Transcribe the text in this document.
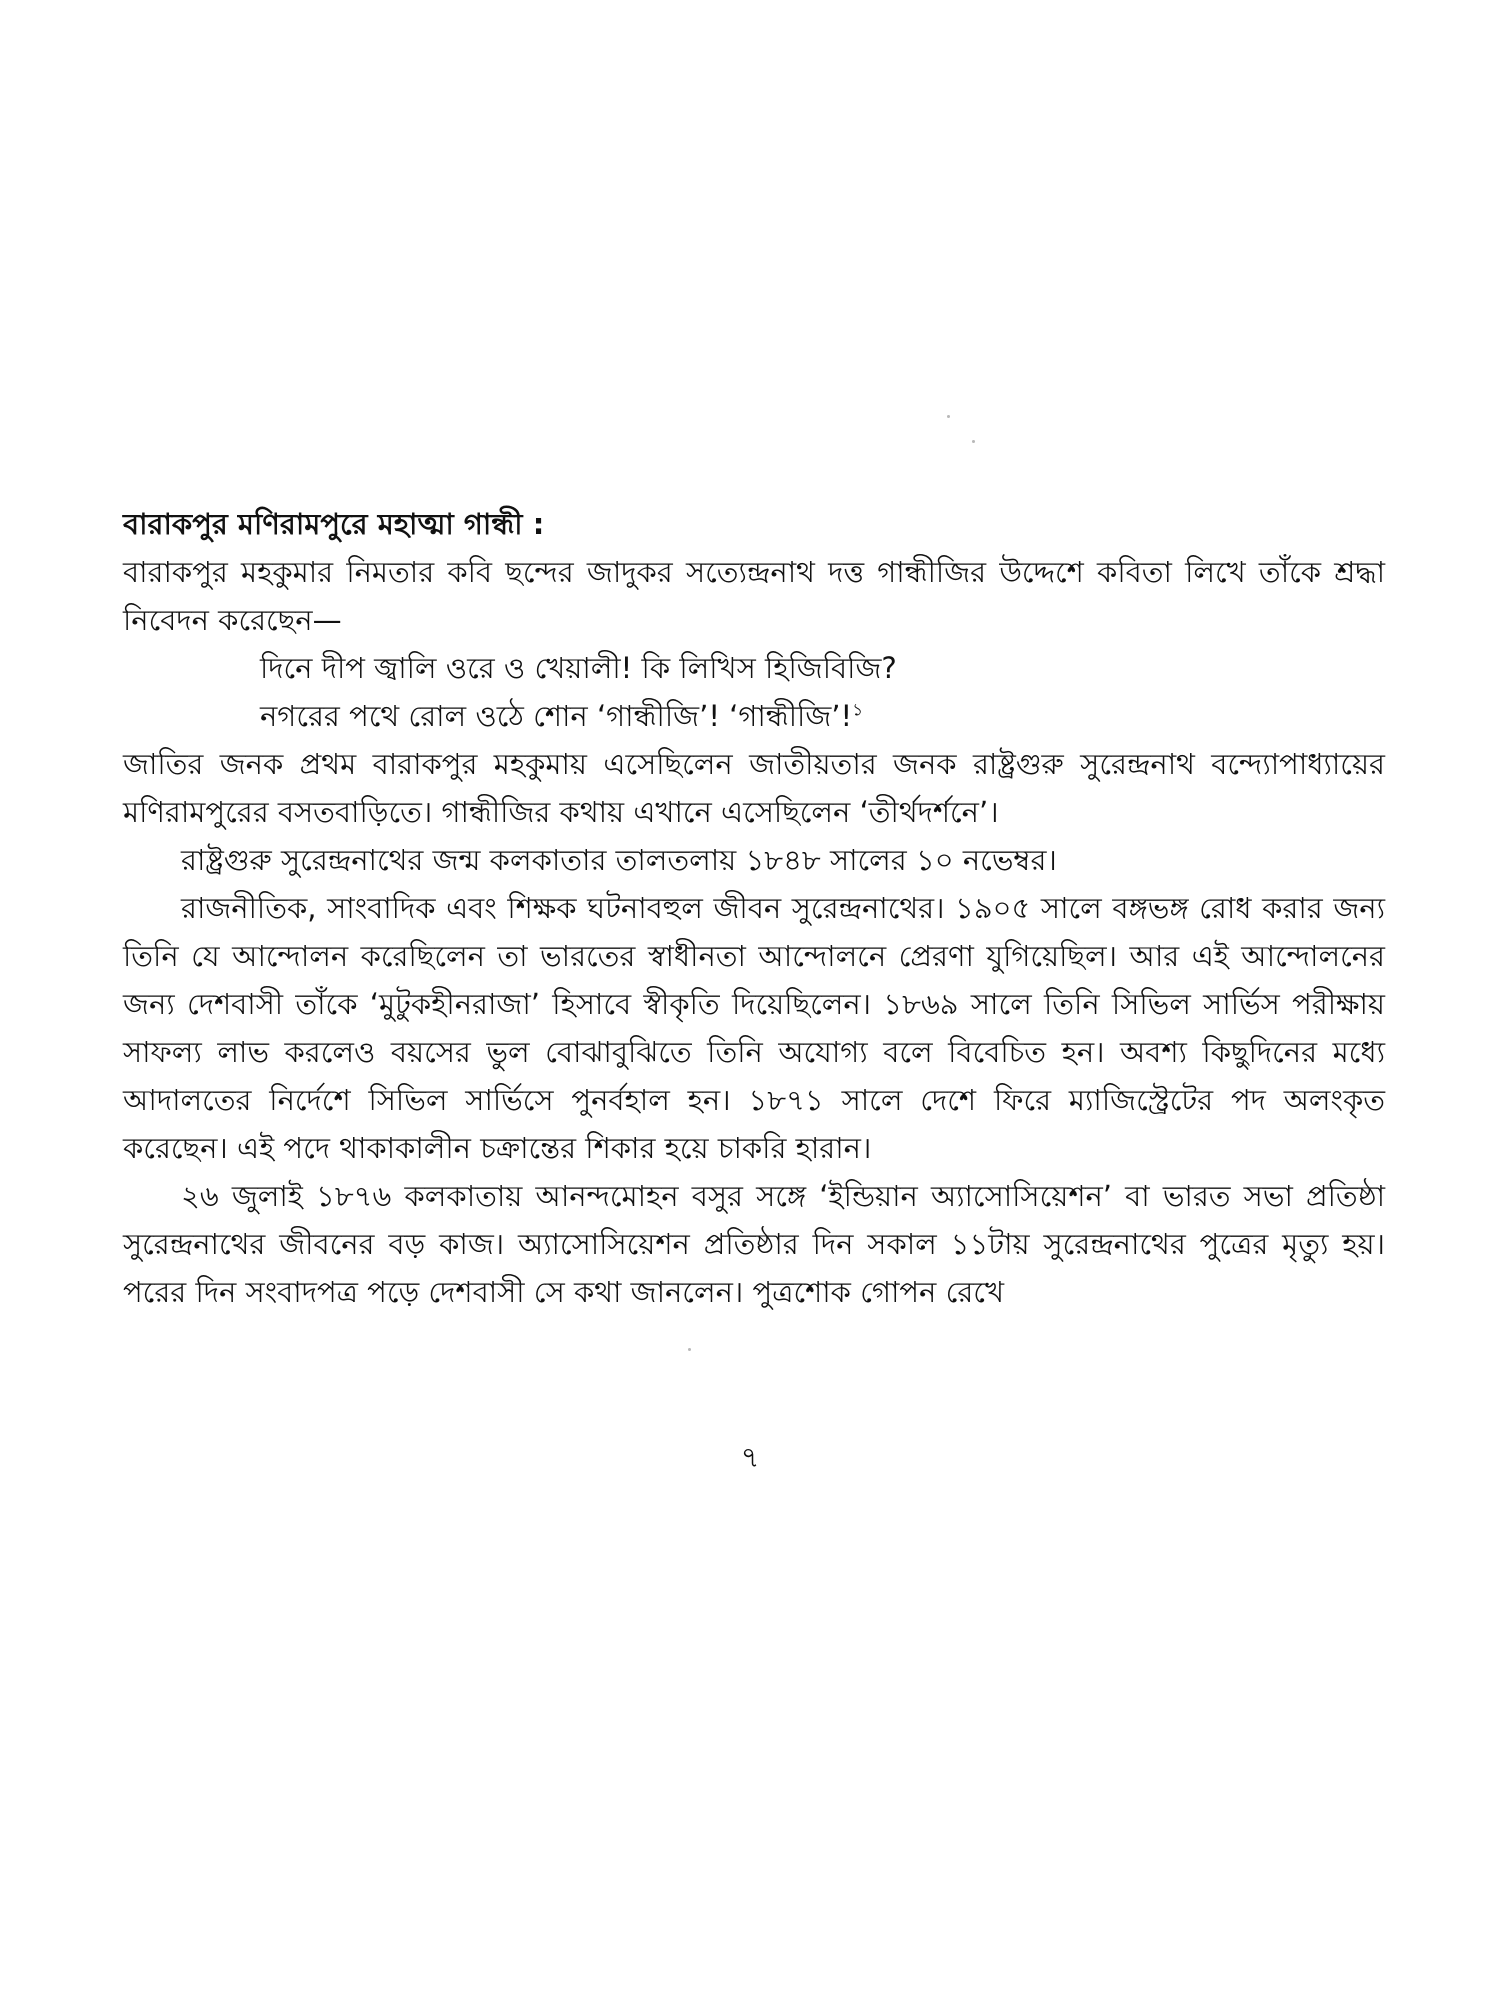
বারাকপুর মণিরামপুরে মহাত্মা গান্ধী :

বারাকপুর মহকুমার নিমতার কবি ছন্দের জাদুকর সত্যেন্দ্রনাথ দত্ত গান্ধীজির উদ্দেশে কবিতা লিখে তাঁকে শ্রদ্ধা নিবেদন করেছেন—

দিনে দীপ জ্বালি ওরে ও খেয়ালী! কি লিখিস হিজিবিজি?
নগরের পথে রোল ওঠে শোন ‘গান্ধীজি’! ‘গান্ধীজি’!$^১$

জাতির জনক প্রথম বারাকপুর মহকুমায় এসেছিলেন জাতীয়তার জনক রাষ্ট্রগুরু সুরেন্দ্রনাথ বন্দ্যোপাধ্যায়ের মণিরামপুরের বসতবাড়িতে। গান্ধীজির কথায় এখানে এসেছিলেন ‘তীর্থদর্শনে’।

রাষ্ট্রগুরু সুরেন্দ্রনাথের জন্ম কলকাতার তালতলায় ১৮৪৮ সালের ১০ নভেম্বর।

রাজনীতিক, সাংবাদিক এবং শিক্ষক ঘটনাবহুল জীবন সুরেন্দ্রনাথের। ১৯০৫ সালে বঙ্গভঙ্গ রোধ করার জন্য তিনি যে আন্দোলন করেছিলেন তা ভারতের স্বাধীনতা আন্দোলনে প্রেরণা যুগিয়েছিল। আর এই আন্দোলনের জন্য দেশবাসী তাঁকে ‘মুটুকহীনরাজা’ হিসাবে স্বীকৃতি দিয়েছিলেন। ১৮৬৯ সালে তিনি সিভিল সার্ভিস পরীক্ষায় সাফল্য লাভ করলেও বয়সের ভুল বোঝাবুঝিতে তিনি অযোগ্য বলে বিবেচিত হন। অবশ্য কিছুদিনের মধ্যে আদালতের নির্দেশে সিভিল সার্ভিসে পুনর্বহাল হন। ১৮৭১ সালে দেশে ফিরে ম্যাজিস্ট্রেটের পদ অলংকৃত করেছেন। এই পদে থাকাকালীন চক্রান্তের শিকার হয়ে চাকরি হারান।

২৬ জুলাই ১৮৭৬ কলকাতায় আনন্দমোহন বসুর সঙ্গে ‘ইন্ডিয়ান অ্যাসোসিয়েশন’ বা ভারত সভা প্রতিষ্ঠা সুরেন্দ্রনাথের জীবনের বড় কাজ। অ্যাসোসিয়েশন প্রতিষ্ঠার দিন সকাল ১১টায় সুরেন্দ্রনাথের পুত্রের মৃত্যু হয়। পরের দিন সংবাদপত্র পড়ে দেশবাসী সে কথা জানলেন। পুত্রশোক গোপন রেখে

৭
